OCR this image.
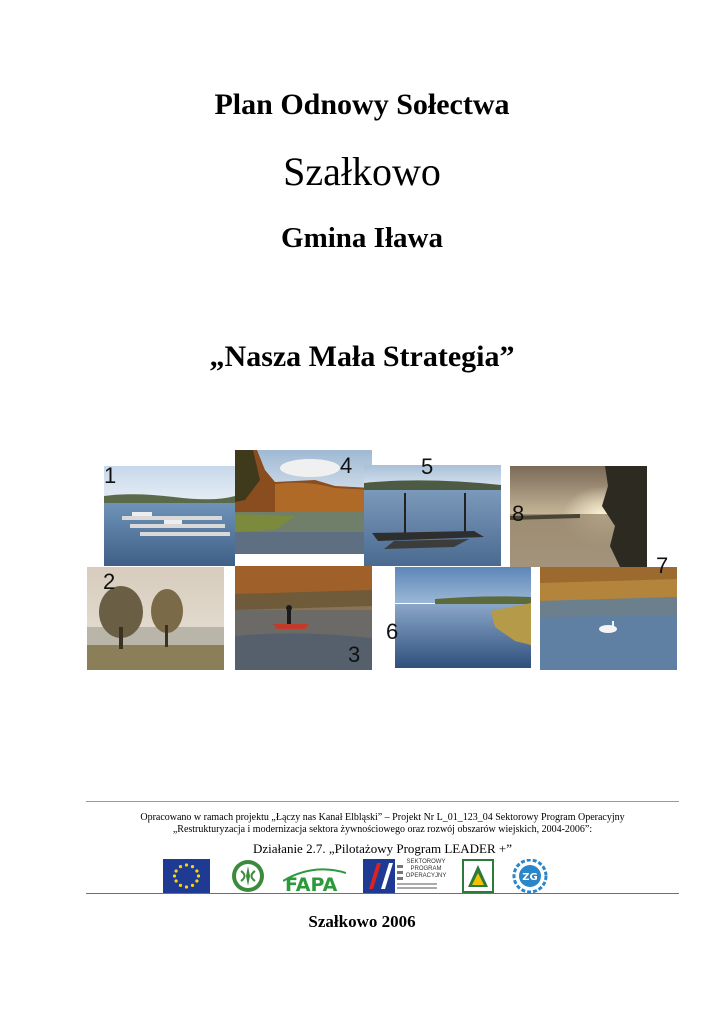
Plan Odnowy Sołectwa
Szałkowo
Gmina Iława
„Nasza Mała Strategia”
1	4	5
8
2
3
6
7
Opracowano w ramach projektu „Łączy nas Kanał Elbląski” – Projekt Nr L_01_123_04 Sektorowy Program Operacyjny
„Restrukturyzacja i modernizacja sektora żywnościowego oraz rozwój obszarów wiejskich, 2004-2006”:
Działanie 2.7. „Pilotażowy Program LEADER +”
FAPA
SEKTOROWY PROGRAM OPERACYJNY	ZG
Szałkowo 2006
